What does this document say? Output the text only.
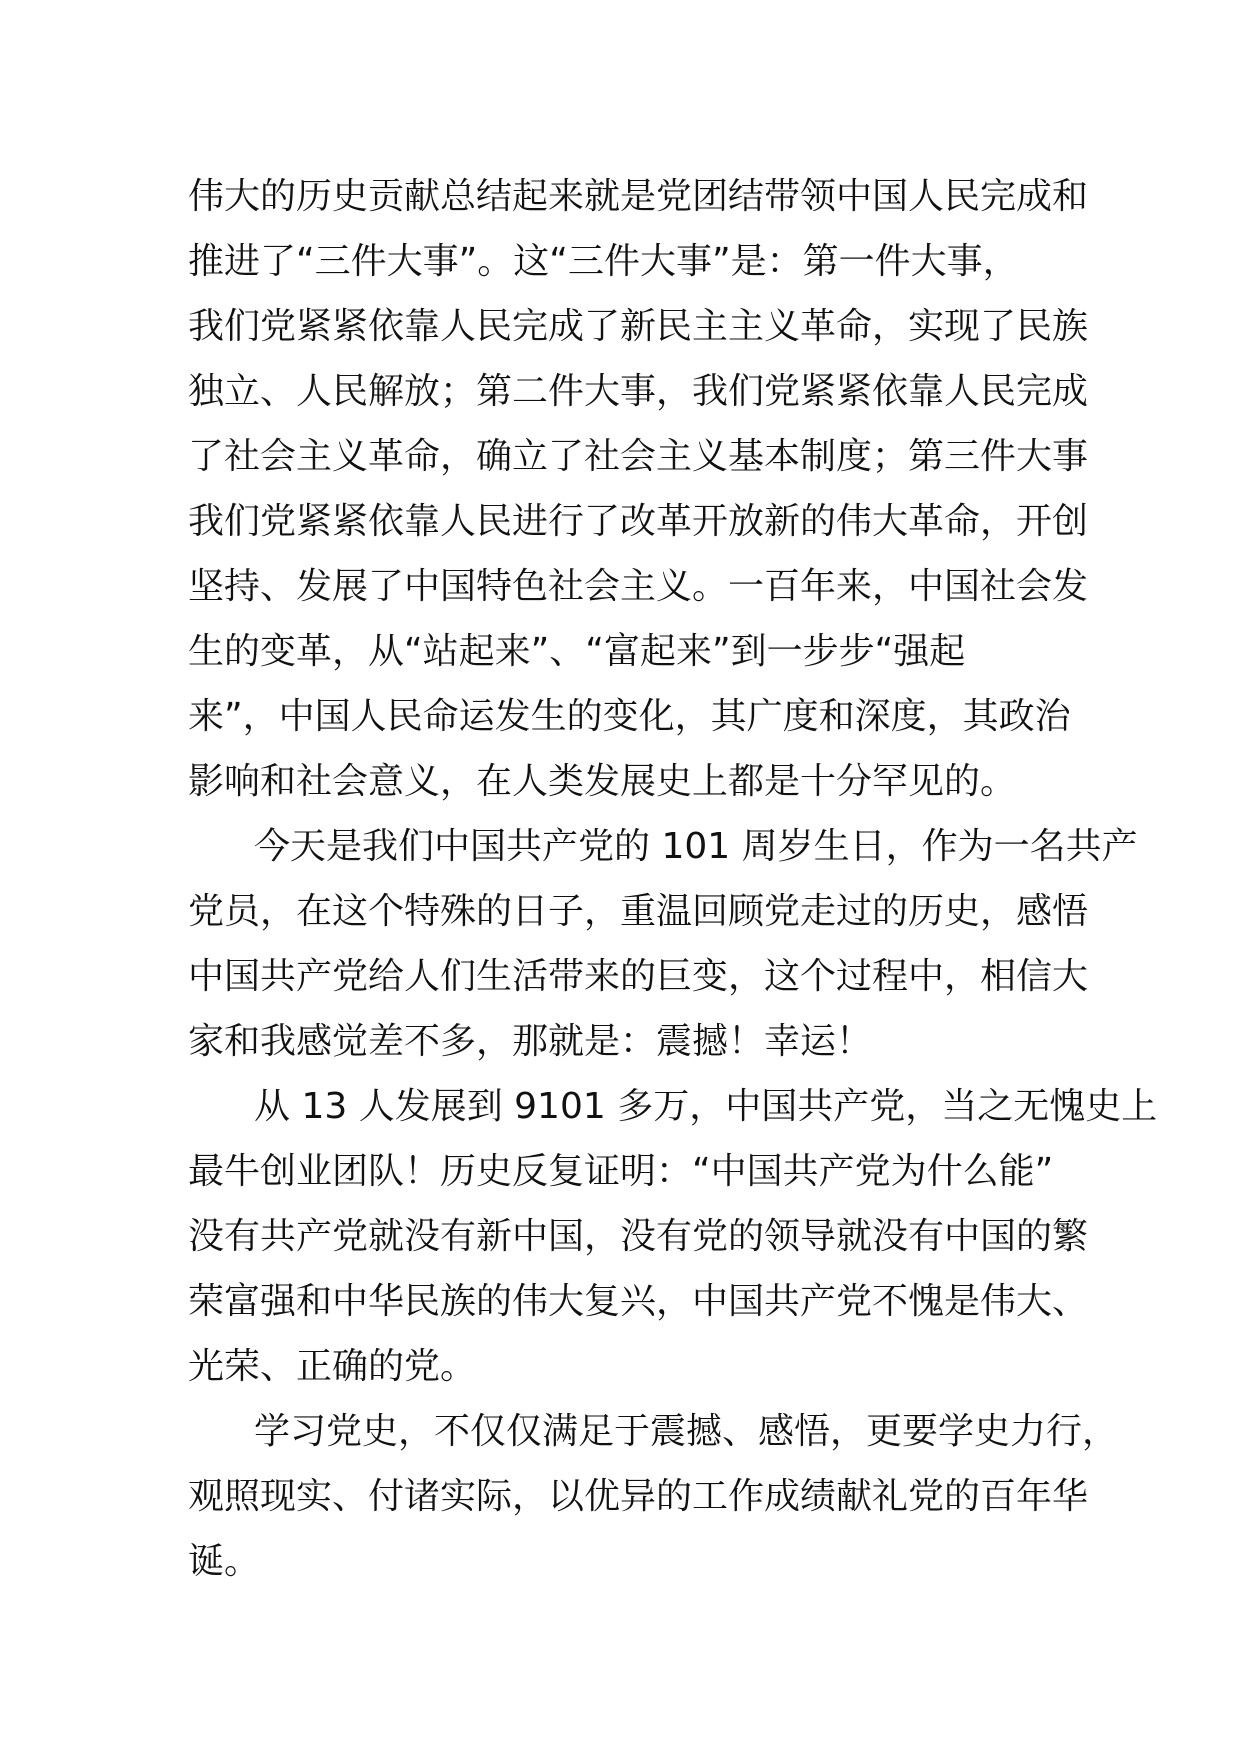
伟大的历史贡献总结起来就是党团结带领中国人民完成和
推进了“三件大事”。这“三件大事”是：第一件大事，
我们党紧紧依靠人民完成了新民主主义革命，实现了民族
独立、人民解放；第二件大事，我们党紧紧依靠人民完成
了社会主义革命，确立了社会主义基本制度；第三件大事
我们党紧紧依靠人民进行了改革开放新的伟大革命，开创
坚持、发展了中国特色社会主义。一百年来，中国社会发
生的变革，从“站起来”、“富起来”到一步步“强起
来”，中国人民命运发生的变化，其广度和深度，其政治
影响和社会意义，在人类发展史上都是十分罕见的。
今天是我们中国共产党的 101 周岁生日，作为一名共产
党员，在这个特殊的日子，重温回顾党走过的历史，感悟
中国共产党给人们生活带来的巨变，这个过程中，相信大
家和我感觉差不多，那就是：震撼！幸运！
从 13 人发展到 9101 多万，中国共产党，当之无愧史上
最牛创业团队！历史反复证明：“中国共产党为什么能”
没有共产党就没有新中国，没有党的领导就没有中国的繁
荣富强和中华民族的伟大复兴，中国共产党不愧是伟大、
光荣、正确的党。
学习党史，不仅仅满足于震撼、感悟，更要学史力行，
观照现实、付诸实际，以优异的工作成绩献礼党的百年华
诞。
